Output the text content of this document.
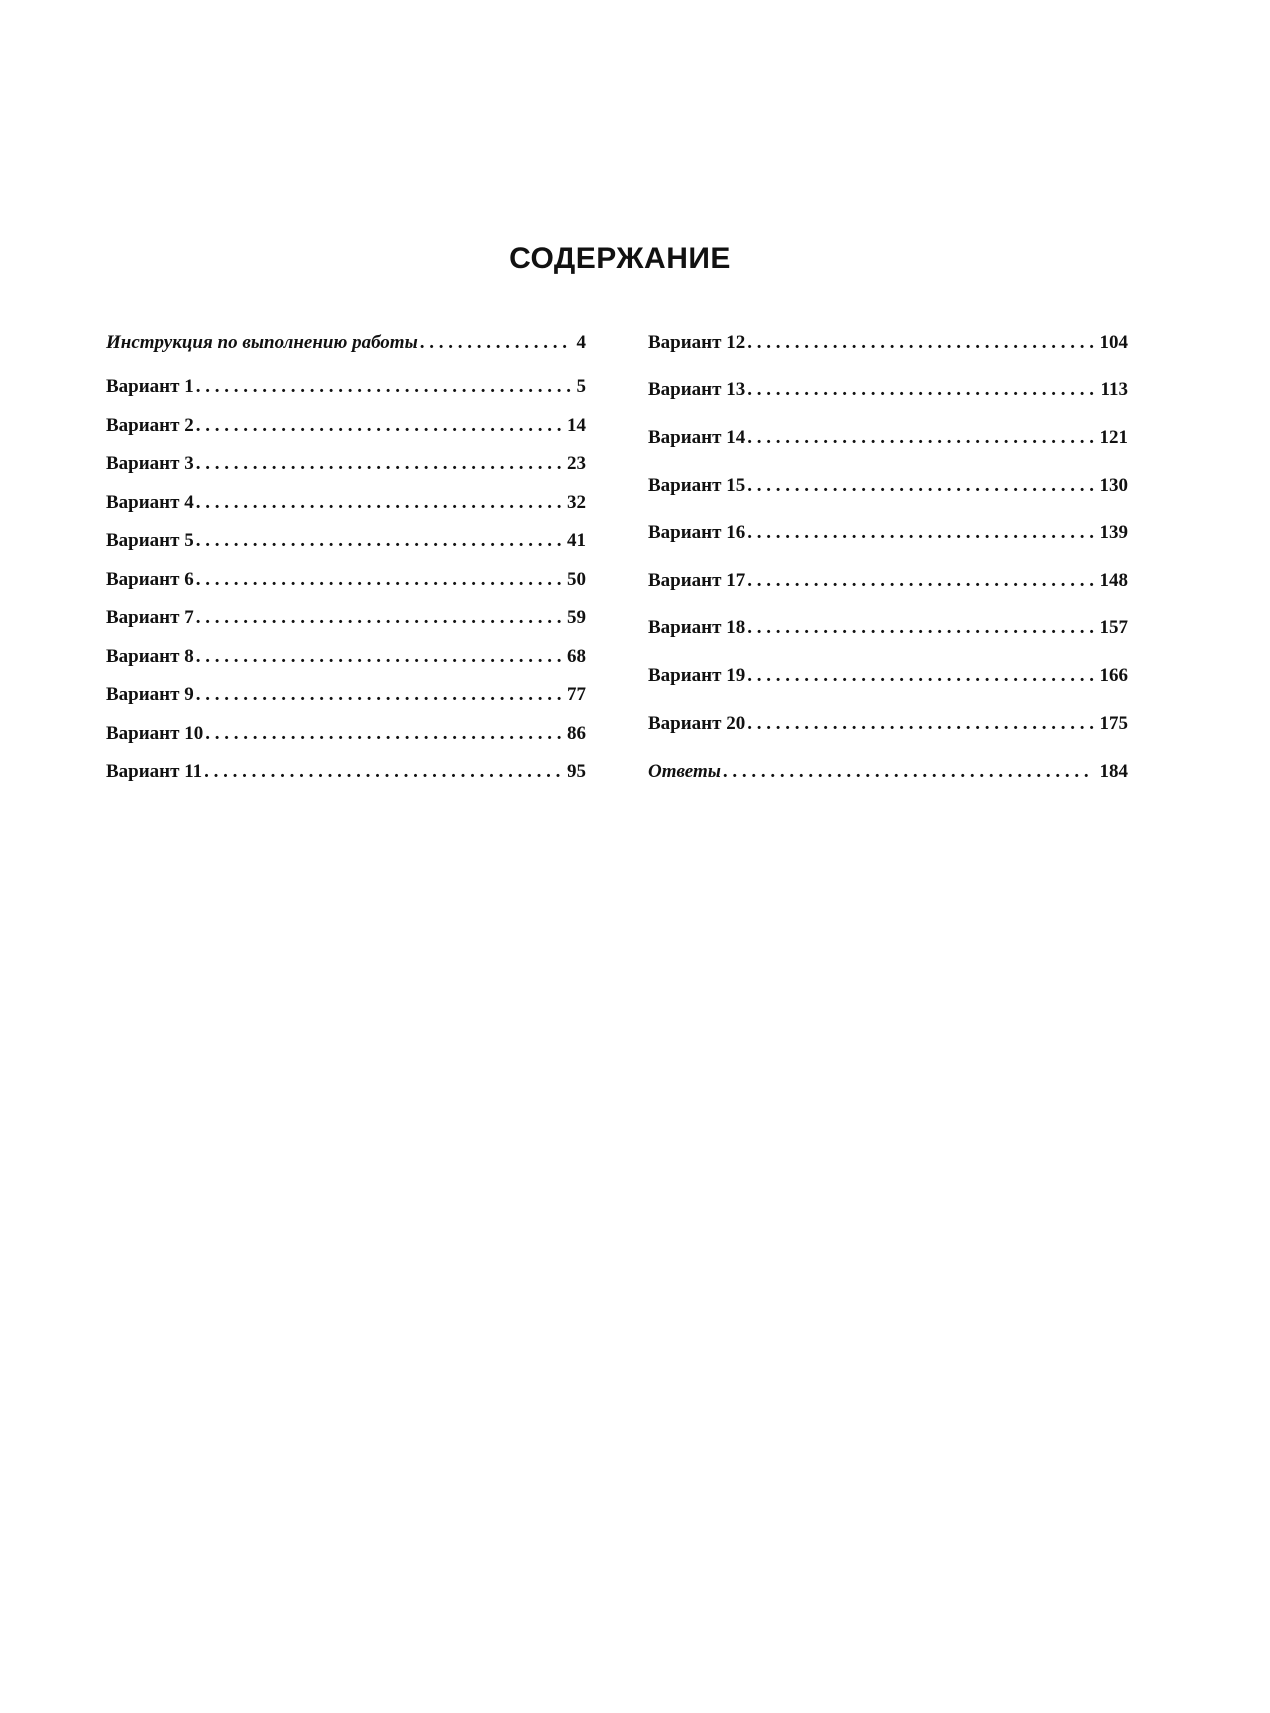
СОДЕРЖАНИЕ
Инструкция по выполнению работы . . .	4
Вариант 1 . . .	5
Вариант 2 . . .	14
Вариант 3 . . .	23
Вариант 4 . . .	32
Вариант 5 . . .	41
Вариант 6 . . .	50
Вариант 7 . . .	59
Вариант 8 . . .	68
Вариант 9 . . .	77
Вариант 10 . . .	86
Вариант 11 . . .	95
Вариант 12 . . .	104
Вариант 13 . . .	113
Вариант 14 . . .	121
Вариант 15 . . .	130
Вариант 16 . . .	139
Вариант 17 . . .	148
Вариант 18 . . .	157
Вариант 19 . . .	166
Вариант 20 . . .	175
Ответы . . .	184
